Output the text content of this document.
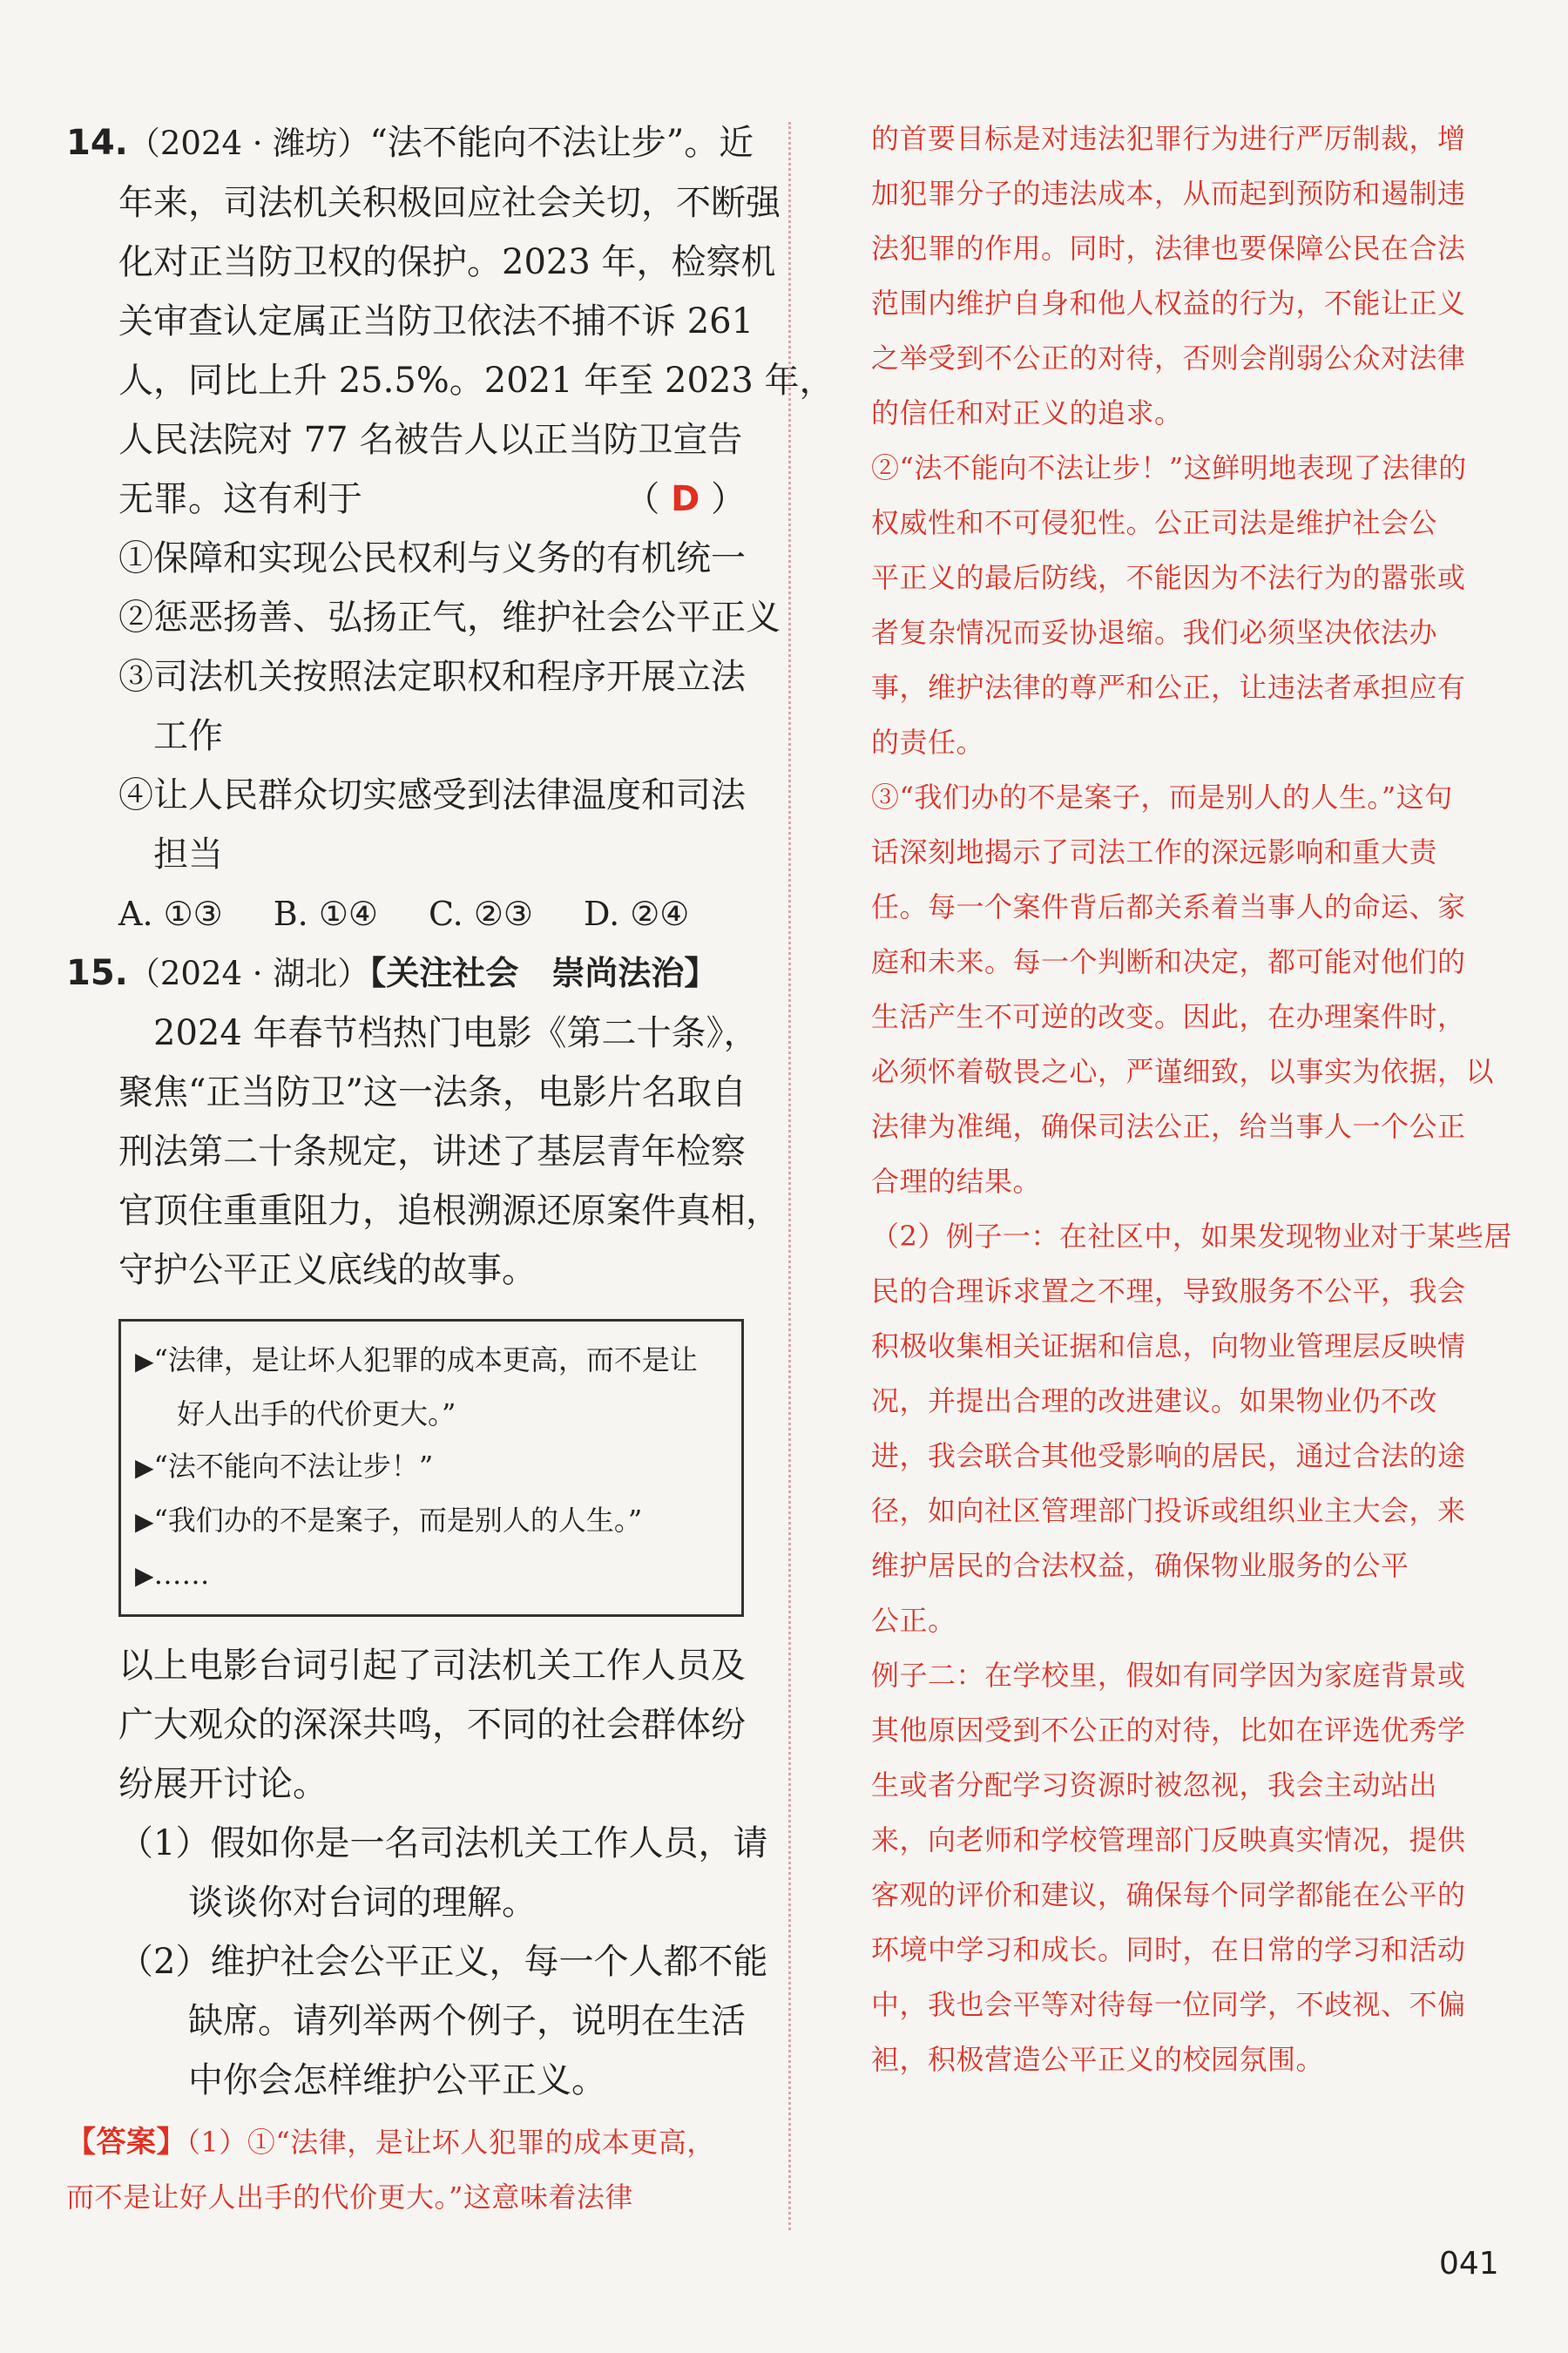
14.（2024 · 潍坊）“法不能向不法让步”。近
年来，司法机关积极回应社会关切，不断强
化对正当防卫权的保护。2023 年，检察机
关审查认定属正当防卫依法不捕不诉 261
人，同比上升 25.5%。2021 年至 2023 年，
人民法院对 77 名被告人以正当防卫宣告
无罪。这有利于	（ D ）
①保障和实现公民权利与义务的有机统一
②惩恶扬善、弘扬正气，维护社会公平正义
③司法机关按照法定职权和程序开展立法
工作
④让人民群众切实感受到法律温度和司法
担当
A. ①③ B. ①④ C. ②③ D. ②④
15.（2024 · 湖北）【关注社会　崇尚法治】
2024 年春节档热门电影《第二十条》，
聚焦“正当防卫”这一法条，电影片名取自
刑法第二十条规定，讲述了基层青年检察
官顶住重重阻力，追根溯源还原案件真相，
守护公平正义底线的故事。
▶“法律，是让坏人犯罪的成本更高，而不是让
好人出手的代价更大。”
▶“法不能向不法让步！”
▶“我们办的不是案子，而是别人的人生。”
▶……
以上电影台词引起了司法机关工作人员及
广大观众的深深共鸣，不同的社会群体纷
纷展开讨论。
（1）假如你是一名司法机关工作人员，请
谈谈你对台词的理解。
（2）维护社会公平正义，每一个人都不能
缺席。请列举两个例子，说明在生活
中你会怎样维护公平正义。
【答案】（1）①“法律，是让坏人犯罪的成本更高，
而不是让好人出手的代价更大。”这意味着法律
的首要目标是对违法犯罪行为进行严厉制裁，增
加犯罪分子的违法成本，从而起到预防和遏制违
法犯罪的作用。同时，法律也要保障公民在合法
范围内维护自身和他人权益的行为，不能让正义
之举受到不公正的对待，否则会削弱公众对法律
的信任和对正义的追求。
②“法不能向不法让步！”这鲜明地表现了法律的
权威性和不可侵犯性。公正司法是维护社会公
平正义的最后防线，不能因为不法行为的嚣张或
者复杂情况而妥协退缩。我们必须坚决依法办
事，维护法律的尊严和公正，让违法者承担应有
的责任。
③“我们办的不是案子，而是别人的人生。”这句
话深刻地揭示了司法工作的深远影响和重大责
任。每一个案件背后都关系着当事人的命运、家
庭和未来。每一个判断和决定，都可能对他们的
生活产生不可逆的改变。因此，在办理案件时，
必须怀着敬畏之心，严谨细致，以事实为依据，以
法律为准绳，确保司法公正，给当事人一个公正
合理的结果。
（2）例子一：在社区中，如果发现物业对于某些居
民的合理诉求置之不理，导致服务不公平，我会
积极收集相关证据和信息，向物业管理层反映情
况，并提出合理的改进建议。如果物业仍不改
进，我会联合其他受影响的居民，通过合法的途
径，如向社区管理部门投诉或组织业主大会，来
维护居民的合法权益，确保物业服务的公平
公正。
例子二：在学校里，假如有同学因为家庭背景或
其他原因受到不公正的对待，比如在评选优秀学
生或者分配学习资源时被忽视，我会主动站出
来，向老师和学校管理部门反映真实情况，提供
客观的评价和建议，确保每个同学都能在公平的
环境中学习和成长。同时，在日常的学习和活动
中，我也会平等对待每一位同学，不歧视、不偏
袒，积极营造公平正义的校园氛围。
041
